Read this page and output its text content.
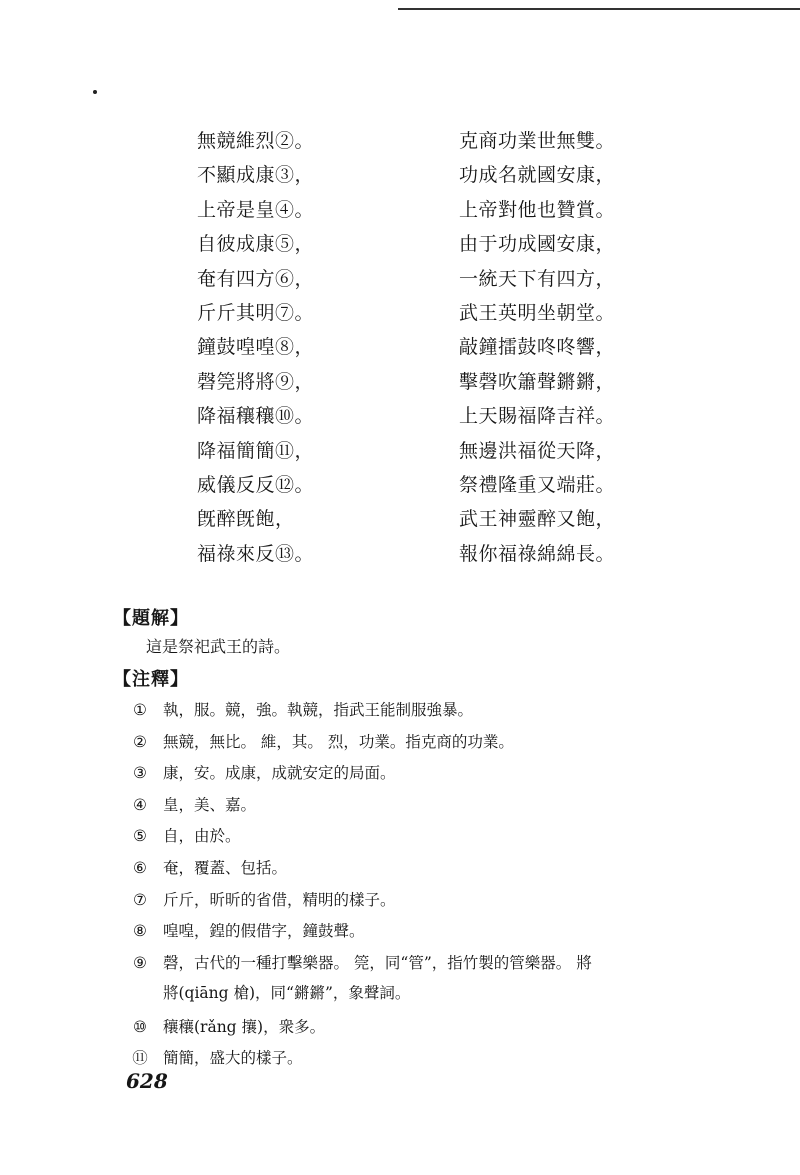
無競維烈②。	克商功業世無雙。
不顯成康③，	功成名就國安康，
上帝是皇④。	上帝對他也贊賞。
自彼成康⑤，	由于功成國安康，
奄有四方⑥，	一統天下有四方，
斤斤其明⑦。	武王英明坐朝堂。
鐘鼓喤喤⑧，	敲鐘擂鼓咚咚響，
磬筦將將⑨，	擊磬吹簫聲鏘鏘，
降福穰穰⑩。	上天賜福降吉祥。
降福簡簡⑪，	無邊洪福從天降，
威儀反反⑫。	祭禮隆重又端莊。
旣醉旣飽，	武王神靈醉又飽，
福祿來反⑬。	報你福祿綿綿長。
【題解】
這是祭祀武王的詩。
【注釋】
① 執，服。競，強。執競，指武王能制服強暴。
② 無競，無比。 維，其。 烈，功業。指克商的功業。
③ 康，安。成康，成就安定的局面。
④ 皇，美、嘉。
⑤ 自，由於。
⑥ 奄，覆蓋、包括。
⑦ 斤斤，昕昕的省借，精明的樣子。
⑧ 喤喤，鍠的假借字，鐘鼓聲。
⑨ 磬，古代的一種打擊樂器。 筦，同“管”，指竹製的管樂器。 將
將(qiāng 槍)，同“鏘鏘”，象聲詞。
⑩ 穰穰(rǎng 攘)，衆多。
⑪ 簡簡，盛大的樣子。
628
